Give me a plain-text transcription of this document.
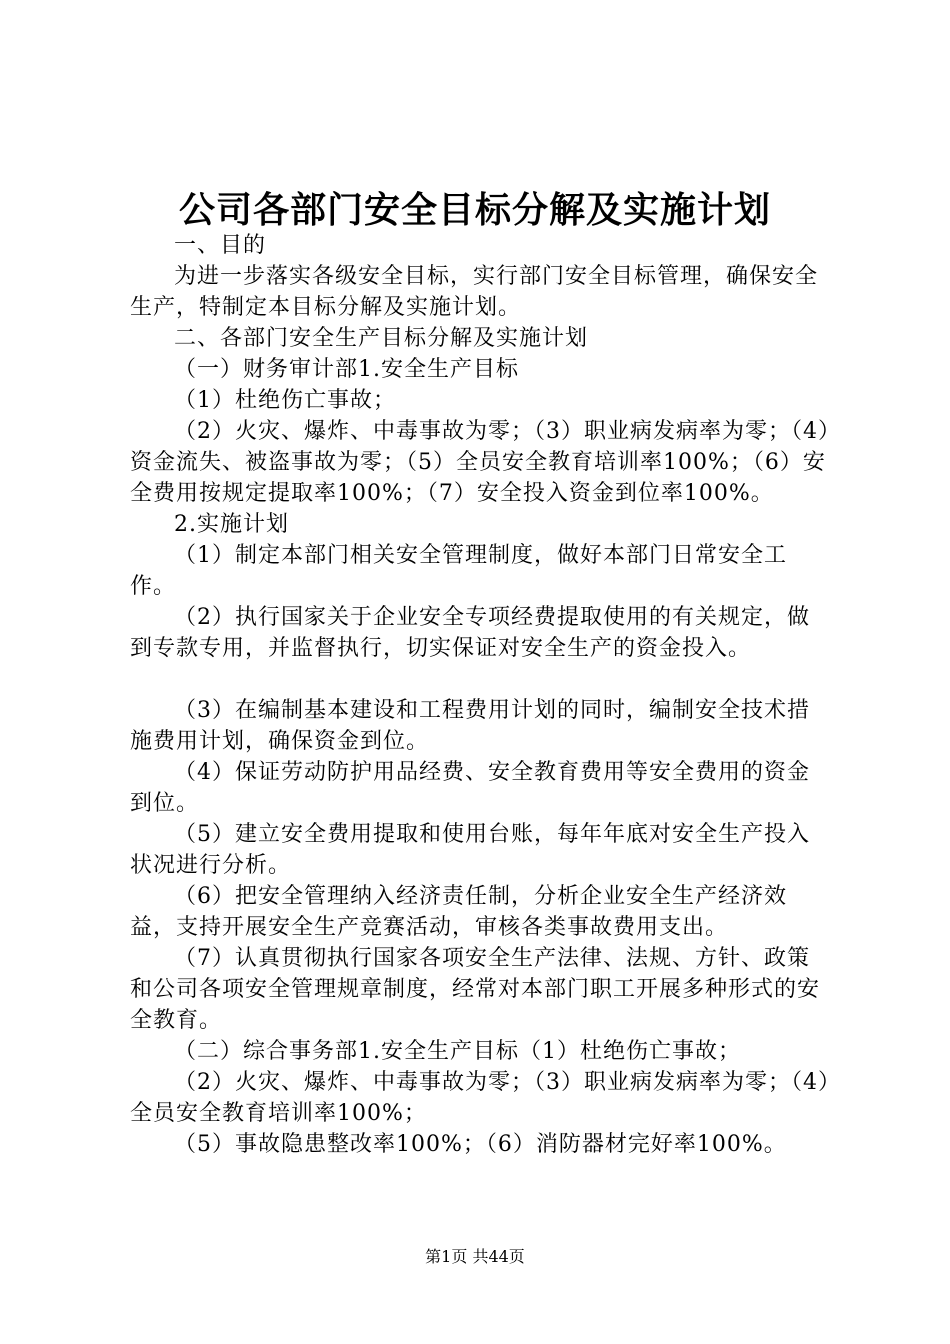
公司各部门安全目标分解及实施计划

一、目的

为进一步落实各级安全目标，实行部门安全目标管理，确保安全生产，特制定本目标分解及实施计划。

二、各部门安全生产目标分解及实施计划

（一）财务审计部1.安全生产目标

（1）杜绝伤亡事故；

（2）火灾、爆炸、中毒事故为零；（3）职业病发病率为零；（4）资金流失、被盗事故为零；（5）全员安全教育培训率100%；（6）安全费用按规定提取率100%；（7）安全投入资金到位率100%。

2.实施计划

（1）制定本部门相关安全管理制度，做好本部门日常安全工作。

（2）执行国家关于企业安全专项经费提取使用的有关规定，做到专款专用，并监督执行，切实保证对安全生产的资金投入。

（3）在编制基本建设和工程费用计划的同时，编制安全技术措施费用计划，确保资金到位。

（4）保证劳动防护用品经费、安全教育费用等安全费用的资金到位。

（5）建立安全费用提取和使用台账，每年年底对安全生产投入状况进行分析。

（6）把安全管理纳入经济责任制，分析企业安全生产经济效益，支持开展安全生产竞赛活动，审核各类事故费用支出。

（7）认真贯彻执行国家各项安全生产法律、法规、方针、政策和公司各项安全管理规章制度，经常对本部门职工开展多种形式的安全教育。

（二）综合事务部1.安全生产目标（1）杜绝伤亡事故；

（2）火灾、爆炸、中毒事故为零；（3）职业病发病率为零；（4）全员安全教育培训率100%；

（5）事故隐患整改率100%；（6）消防器材完好率100%。

第1页 共44页
